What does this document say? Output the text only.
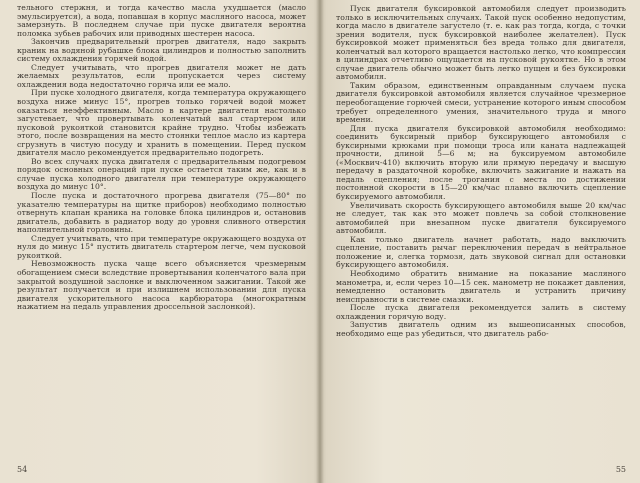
тельного стержня, и тогда качество масла ухудшается (масло эмульсируется), а вода, попавшая в корпус масляного насоса, может замерзнуть. В последнем случае при пуске двигателя вероятна поломка зубьев рабочих или приводных шестерен насоса.

Закончив предварительный прогрев двигателя, надо закрыть краник на водяной рубашке блока цилиндров и полностью заполнить систему охлаждения горячей водой.

Следует учитывать, что прогрев двигателя может не дать желаемых результатов, если пропускается через систему охлаждения вода недостаточно горяча или ее мало.

При пуске холодного двигателя, когда температура окружающего воздуха ниже минус 15°, прогрев только горячей водой может оказаться неэффективным. Масло в картере двигателя настолько загустевает, что провертывать коленчатый вал стартером или пусковой рукояткой становится крайне трудно. Чтобы избежать этого, после возвращения на место стоянки теплое масло из картера сгрузнуть в чистую посуду и хранить в помещении. Перед пуском двигателя масло рекомендуется предварительно подогреть.

Во всех случаях пуска двигателя с предварительным подогревом порядок основных операций при пуске остается таким же, как и в случае пуска холодного двигателя при температуре окружающего воздуха до минус 10°.

После пуска и достаточного прогрева двигателя (75—80° по указателю температуры на щитке приборов) необходимо полностью отвернуть клапан краника на головке блока цилиндров и, остановив двигатель, добавить в радиатор воду до уровня сливного отверстия наполнительной горловины.

Следует учитывать, что при температуре окружающего воздуха от нуля до минус 15° пустить двигатель стартером легче, чем пусковой рукояткой.

Невозможность пуска чаще всего объясняется чрезмерным обогащением смеси вследствие провертывания коленчатого вала при закрытой воздушной заслонке и выключенном зажигании. Такой же результат получается и при излишнем использовании для пуска двигателя ускорительного насоса карбюратора (многократным нажатием на педаль управления дроссельной заслонкой).

54

Пуск двигателя буксировкой автомобиля следует производить только в исключительных случаях. Такой пуск особенно недопустим, когда масло в двигателе загустело (т. е. как раз тогда, когда, с точки зрения водителя, пуск буксировкой наиболее желателен). Пуск буксировкой может применяться без вреда только для двигателя, коленчатый вал которого вращается настолько легко, что компрессия в цилиндрах отчетливо ощущается на пусковой рукоятке. Но в этом случае двигатель обычно может быть легко пущен и без буксировки автомобиля.

Таким образом, единственным оправданным случаем пуска двигателя буксировкой автомобиля является случайное чрезмерное переобогащение горючей смеси, устранение которого иным способом требует определенного умения, значительного труда и много времени.

Для пуска двигателя буксировкой автомобиля необходимо: соединить буксирный прибор буксирующего автомобиля с буксирными крюками при помощи троса или каната надлежащей прочности, длиной 5—6 м; на буксируемом автомобиле («Москвич-410) включить вторую или прямую передачу и высшую передачу в раздаточной коробке, включить зажигание и нажать на педаль сцепления; после трогания с места по достижении постоянной скорости в 15—20 км/час плавно включить сцепление буксируемого автомобиля.

Увеличивать скорость буксирующего автомобиля выше 20 км/час не следует, так как это может повлечь за собой столкновение автомобилей при внезапном пуске двигателя буксируемого автомобиля.

Как только двигатель начнет работать, надо выключить сцепление, поставить рычаг переключения передач в нейтральное положение и, слегка тормозя, дать звуковой сигнал для остановки буксирующего автомобиля.

Необходимо обратить внимание на показание масляного манометра, и, если через 10—15 сек. манометр не покажет давления, немедленно остановить двигатель и устранить причину неисправности в системе смазки.

После пуска двигателя рекомендуется залить в систему охлаждения горячую воду.

Запустив двигатель одним из вышеописанных способов, необходимо еще раз убедиться, что двигатель рабо-

55
